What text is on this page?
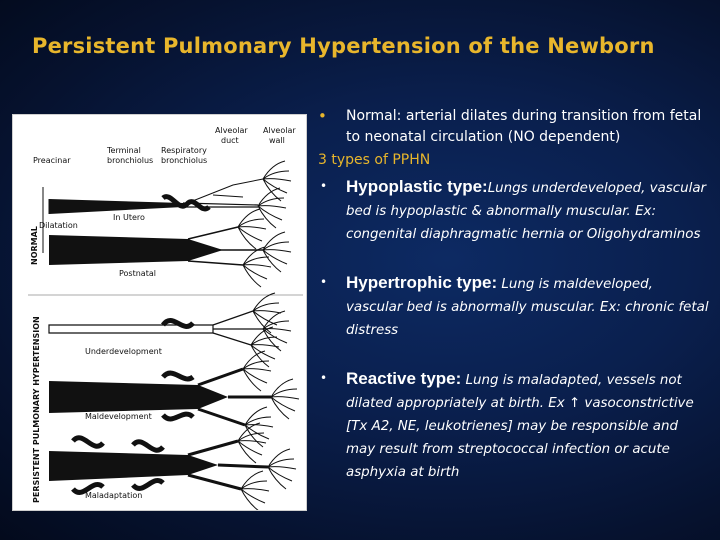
Persistent Pulmonary Hypertension of the Newborn
Preacinar
Terminal
bronchiolus
Respiratory
bronchiolus
Alveolar
duct
Alveolar
wall
In Utero
Postnatal
Underdevelopment
Maldevelopment
Maladaptation
Dilatation
NORMAL
PERSISTENT PULMONARY HYPERTENSION
• Normal: arterial dilates during transition from fetal to neonatal circulation (NO dependent)
3 types of PPHN
• Hypoplastic type:Lungs underdeveloped, vascular bed is hypoplastic & abnormally muscular. Ex: congenital diaphragmatic hernia or Oligohydraminos
• Hypertrophic type: Lung is maldeveloped, vascular bed is abnormally muscular. Ex: chronic fetal distress
• Reactive type: Lung is maladapted, vessels not dilated appropriately at birth. Ex ↑ vasoconstrictive [Tx A2, NE, leukotrienes] may be responsible and may result from streptococcal infection or acute asphyxia at birth
